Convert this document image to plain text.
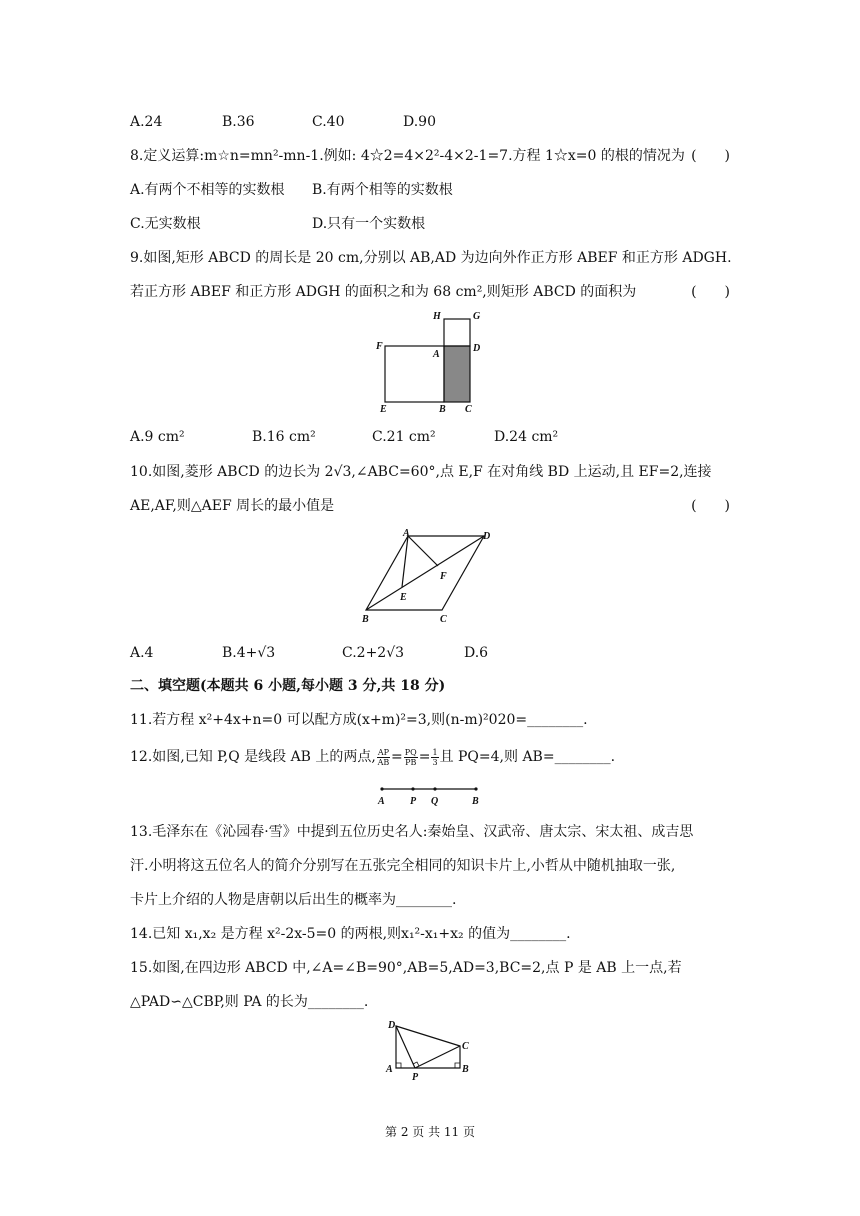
A.24	B.36	C.40	D.90
8.定义运算:m☆n=mn²-mn-1.例如: 4☆2=4×2²-4×2-1=7.方程 1☆x=0 的根的情况为 (　　)
A.有两个不相等的实数根 B.有两个相等的实数根
C.无实数根	D.只有一个实数根
9.如图,矩形 ABCD 的周长是 20 cm,分别以 AB,AD 为边向外作正方形 ABEF 和正方形 ADGH.
若正方形 ABEF 和正方形 ADGH 的面积之和为 68 cm²,则矩形 ABCD 的面积为	(　　)
H	G
F
A
D
E	B C
A.9 cm²	B.16 cm²	C.21 cm²	D.24 cm²
10.如图,菱形 ABCD 的边长为 2√3,∠ABC=60°,点 E,F 在对角线 BD 上运动,且 EF=2,连接
AE,AF,则△AEF 周长的最小值是	(　　)
A	D
F
E
B	C
A.4	B.4+√3	C.2+2√3	D.6
二、填空题(本题共 6 小题,每小题 3 分,共 18 分)
11.若方程 x²+4x+n=0 可以配方成(x+m)²=3,则(n-m)²020=________.
12.如图,已知 P,Q 是线段 AB 上的两点, $\frac{AP}{AB} = \frac{PQ}{PB} = \frac{1}{3}$ 且 PQ=4,则 AB=________.
A	P Q	B
13.毛泽东在《沁园春·雪》中提到五位历史名人:秦始皇、汉武帝、唐太宗、宋太祖、成吉思
汗.小明将这五位名人的简介分别写在五张完全相同的知识卡片上,小哲从中随机抽取一张,
卡片上介绍的人物是唐朝以后出生的概率为________.
14.已知 x₁,x₂ 是方程 x²-2x-5=0 的两根,则x₁²-x₁+x₂ 的值为________.
15.如图,在四边形 ABCD 中,∠A=∠B=90°,AB=5,AD=3,BC=2,点 P 是 AB 上一点,若
△PAD∽△CBP,则 PA 的长为________.
D
C
A
P
B
第 2 页 共 11 页
